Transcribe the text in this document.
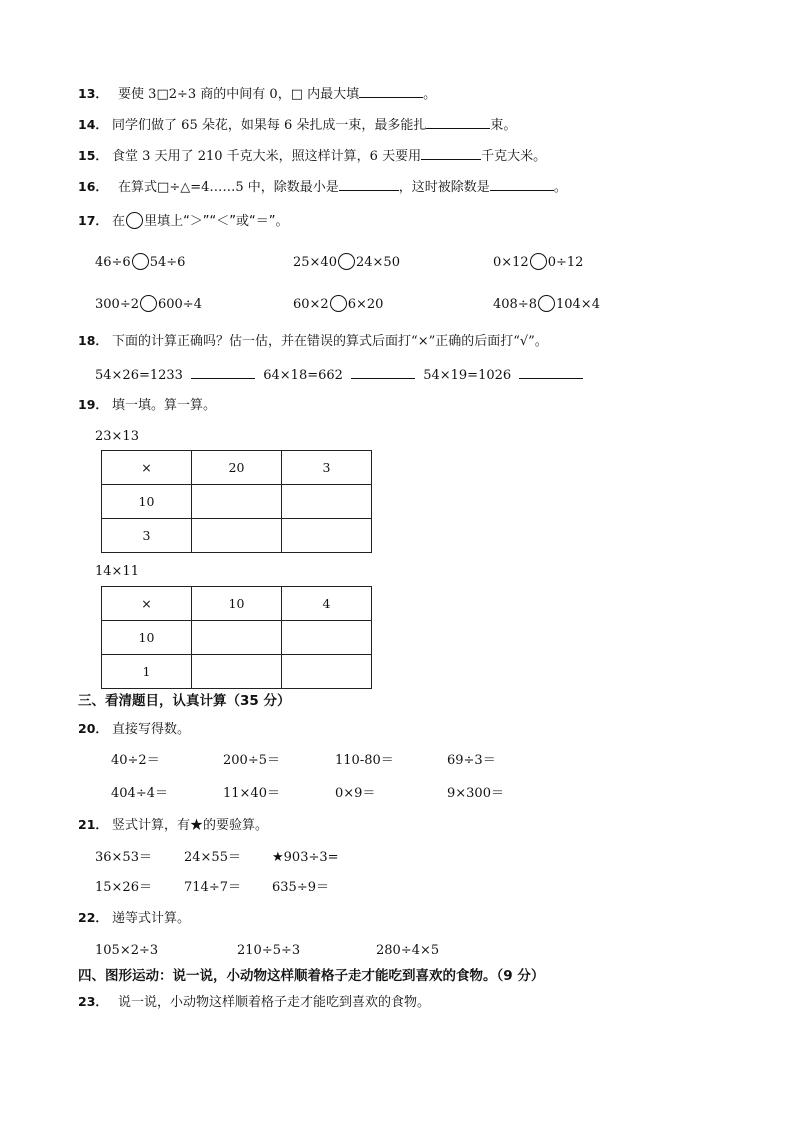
13． 要使 3□2÷3 商的中间有 0，□ 内最大填	。
14． 同学们做了 65 朵花，如果每 6 朵扎成一束，最多能扎	束。
15． 食堂 3 天用了 210 千克大米，照这样计算，6 天要用	千克大米。
16． 在算式□÷△=4……5 中，除数最小是	，这时被除数是	。
17． 在 里填上“＞”“＜”或“＝”。
46÷6 54÷6	25×40 24×50	0×12 0÷12
300÷2 600÷4	60×2 6×20	408÷8 104×4
18． 下面的计算正确吗？估一估，并在错误的算式后面打“×”正确的后面打“√”。
54×26=1233	64×18=662	54×19=1026
19． 填一填。算一算。
23×13
×	20	3
10		
3		
14×11
×	10	4
10		
1		
三、看清题目，认真计算（35 分）
20． 直接写得数。
40÷2＝	200÷5＝	110-80＝	69÷3＝
404÷4＝	11×40＝	0×9＝	9×300＝
21． 竖式计算，有★的要验算。
36×53＝ 24×55＝ ★903÷3=
15×26＝ 714÷7＝ 635÷9＝
22． 递等式计算。
105×2÷3	210÷5÷3	280÷4×5
四、图形运动：说一说，小动物这样顺着格子走才能吃到喜欢的食物。（9 分）
23． 说一说，小动物这样顺着格子走才能吃到喜欢的食物。
